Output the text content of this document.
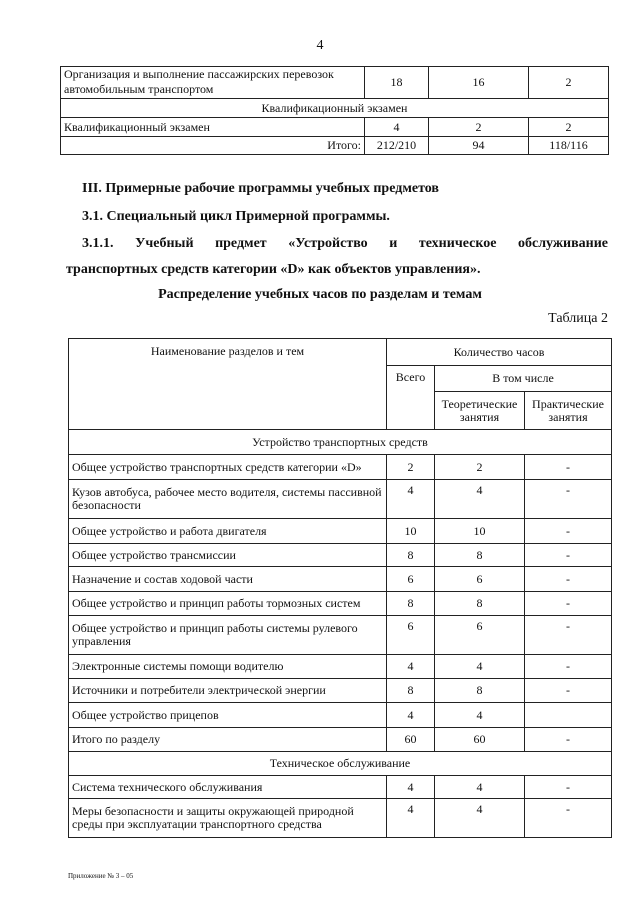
4
Организация и выполнение пассажирских перевозок автомобильным транспортом	18	16	2
Квалификационный экзамен			
Квалификационный экзамен	4	2	2
Итого:	212/210	94	118/116
III. Примерные рабочие программы учебных предметов
3.1. Специальный цикл Примерной программы.
3.1.1. Учебный предмет «Устройство и техническое обслуживание
транспортных средств категории «D» как объектов управления».
Распределение учебных часов по разделам и темам
Таблица 2
Наименование разделов и тем	Количество часов		
	Всего	В том числе	
		Теоретические занятия	Практические занятия
Устройство транспортных средств			
Общее устройство транспортных средств категории «D»	2	2	-
Кузов автобуса, рабочее место водителя, системы пассивной безопасности	4	4	-
Общее устройство и работа двигателя	10	10	-
Общее устройство трансмиссии	8	8	-
Назначение и состав ходовой части	6	6	-
Общее устройство и принцип работы тормозных систем	8	8	-
Общее устройство и принцип работы системы рулевого управления	6	6	-
Электронные системы помощи водителю	4	4	-
Источники и потребители электрической энергии	8	8	-
Общее устройство прицепов	4	4	
Итого по разделу	60	60	-
Техническое обслуживание			
Система технического обслуживания	4	4	-
Меры безопасности и защиты окружающей природной среды при эксплуатации транспортного средства	4	4	-
Приложение № 3 – 05
